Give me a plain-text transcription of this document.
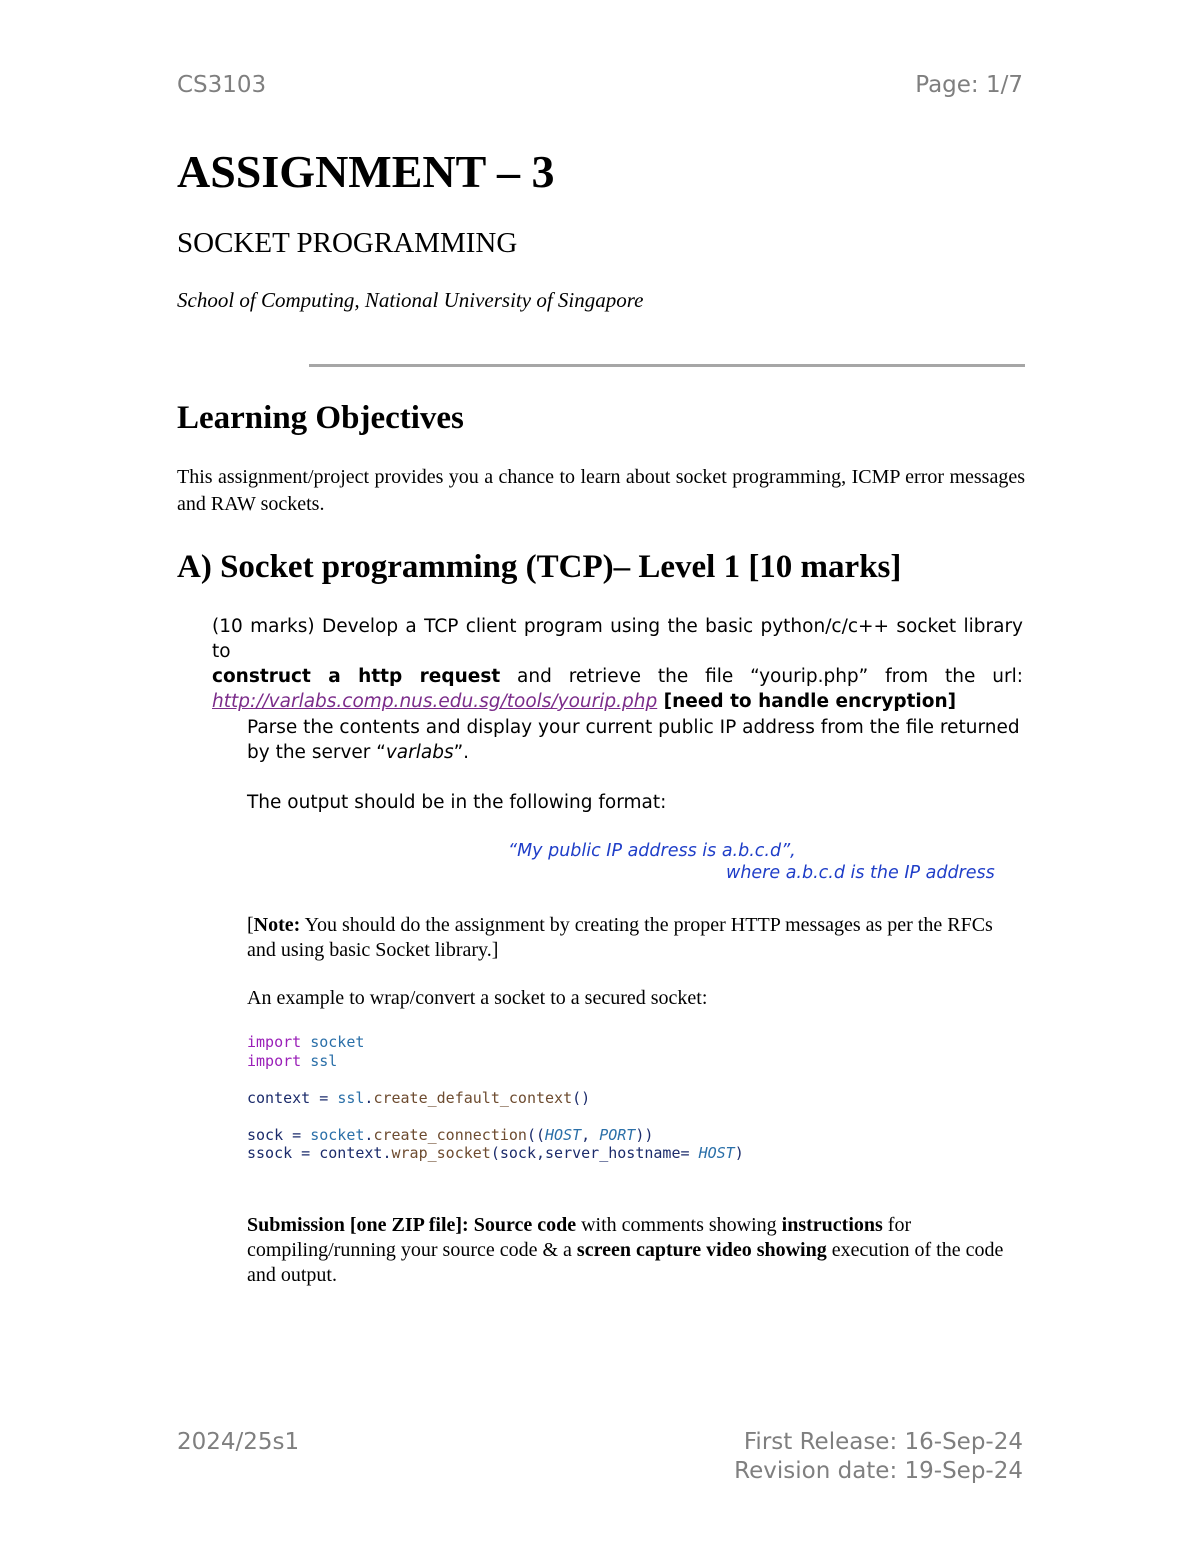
CS3103	Page: 1/7
ASSIGNMENT – 3
SOCKET PROGRAMMING
School of Computing, National University of Singapore
Learning Objectives
This assignment/project provides you a chance to learn about socket programming, ICMP error messages and RAW sockets.
A) Socket programming (TCP)– Level 1 [10 marks]
(10 marks) Develop a TCP client program using the basic python/c/c++ socket library to
construct a http request and retrieve the file “yourip.php” from the url:
http://varlabs.comp.nus.edu.sg/tools/yourip.php [need to handle encryption]
Parse the contents and display your current public IP address from the file returned by the server “varlabs”.
The output should be in the following format:
“My public IP address is a.b.c.d”,
where a.b.c.d is the IP address
[Note: You should do the assignment by creating the proper HTTP messages as per the RFCs and using basic Socket library.]
An example to wrap/convert a socket to a secured socket:
import socket
import ssl

context = ssl.create_default_context()

sock = socket.create_connection((HOST, PORT))
ssock = context.wrap_socket(sock,server_hostname= HOST)
Submission [one ZIP file]: Source code with comments showing instructions for compiling/running your source code & a screen capture video showing execution of the code and output.
2024/25s1	First Release: 16-Sep-24
Revision date: 19-Sep-24
